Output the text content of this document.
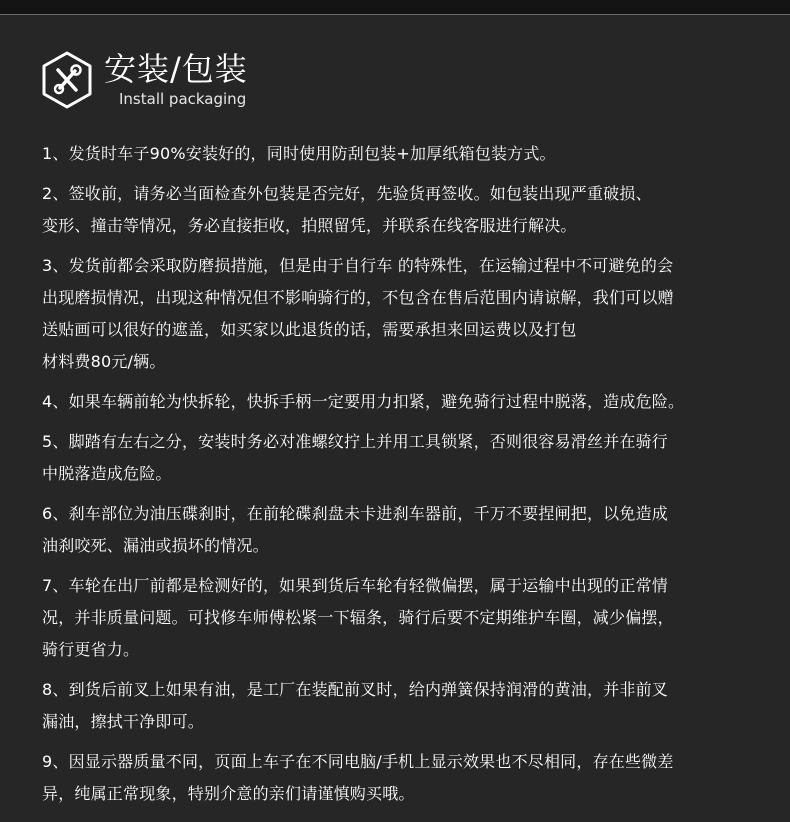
安装/包装
Install packaging
1、发货时车子90%安装好的，同时使用防刮包装+加厚纸箱包装方式。
2、签收前，请务必当面检查外包装是否完好，先验货再签收。如包装出现严重破损、
变形、撞击等情况，务必直接拒收，拍照留凭，并联系在线客服进行解决。
3、发货前都会采取防磨损措施，但是由于自行车 的特殊性，在运输过程中不可避免的会
出现磨损情况，出现这种情况但不影响骑行的，不包含在售后范围内请谅解，我们可以赠
送贴画可以很好的遮盖，如买家以此退货的话，需要承担来回运费以及打包
材料费80元/辆。
4、如果车辆前轮为快拆轮，快拆手柄一定要用力扣紧，避免骑行过程中脱落，造成危险。
5、脚踏有左右之分，安装时务必对准螺纹拧上并用工具锁紧，否则很容易滑丝并在骑行
中脱落造成危险。
6、刹车部位为油压碟刹时，在前轮碟刹盘未卡进刹车器前，千万不要捏闸把，以免造成
油刹咬死、漏油或损坏的情况。
7、车轮在出厂前都是检测好的，如果到货后车轮有轻微偏摆，属于运输中出现的正常情
况，并非质量问题。可找修车师傅松紧一下辐条，骑行后要不定期维护车圈，减少偏摆，
骑行更省力。
8、到货后前叉上如果有油，是工厂在装配前叉时，给内弹簧保持润滑的黄油，并非前叉
漏油，擦拭干净即可。
9、因显示器质量不同，页面上车子在不同电脑/手机上显示效果也不尽相同，存在些微差
异，纯属正常现象，特别介意的亲们请谨慎购买哦。
